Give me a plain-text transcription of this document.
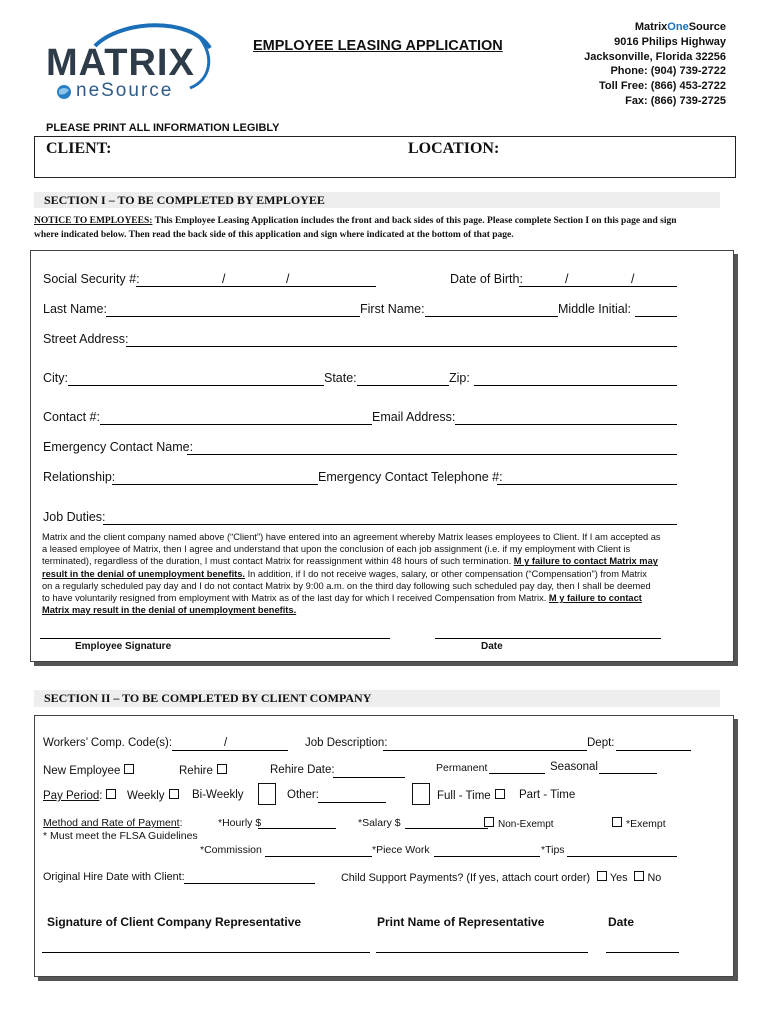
MATRIX
neSource
EMPLOYEE LEASING APPLICATION
MatrixOneSource
9016 Philips Highway
Jacksonville, Florida 32256
Phone: (904) 739-2722
Toll Free: (866) 453-2722
Fax: (866) 739-2725
PLEASE PRINT ALL INFORMATION LEGIBLY
CLIENT:	LOCATION:
SECTION I – TO BE COMPLETED BY EMPLOYEE
NOTICE TO EMPLOYEES: This Employee Leasing Application includes the front and back sides of this page. Please complete Section I on this page and sign
where indicated below. Then read the back side of this application and sign where indicated at the bottom of that page.
Social Security #:	/	/	Date of Birth:	/	/
Last Name:	First Name:	Middle Initial:
Street Address:
City:	State:	Zip:
Contact #:	Email Address:
Emergency Contact Name:
Relationship:	Emergency Contact Telephone #:
Job Duties:
Matrix and the client company named above (“Client”) have entered into an agreement whereby Matrix leases employees to Client. If I am accepted as
a leased employee of Matrix, then I agree and understand that upon the conclusion of each job assignment (i.e. if my employment with Client is
terminated), regardless of the duration, I must contact Matrix for reassignment within 48 hours of such termination. M y failure to contact Matrix may
result in the denial of unemployment benefits. In addition, if I do not receive wages, salary, or other compensation (“Compensation”) from Matrix
on a regularly scheduled pay day and I do not contact Matrix by 9:00 a.m. on the third day following such scheduled pay day, then I shall be deemed
to have voluntarily resigned from employment with Matrix as of the last day for which I received Compensation from Matrix. M y failure to contact
Matrix may result in the denial of unemployment benefits.
Employee Signature	Date
SECTION II – TO BE COMPLETED BY CLIENT COMPANY
Workers’ Comp. Code(s):	/	Job Description:	Dept:
New Employee	Rehire	Rehire Date:	Permanent	Seasonal
Pay Period:	Weekly	Bi-Weekly	Other:	Full - Time	Part - Time
Method and Rate of Payment:	*Hourly $	*Salary $	Non-Exempt	*Exempt
* Must meet the FLSA Guidelines
*Commission	*Piece Work	*Tips
Original Hire Date with Client:	Child Support Payments? (If yes, attach court order) Yes No
Signature of Client Company Representative	Print Name of Representative	Date
